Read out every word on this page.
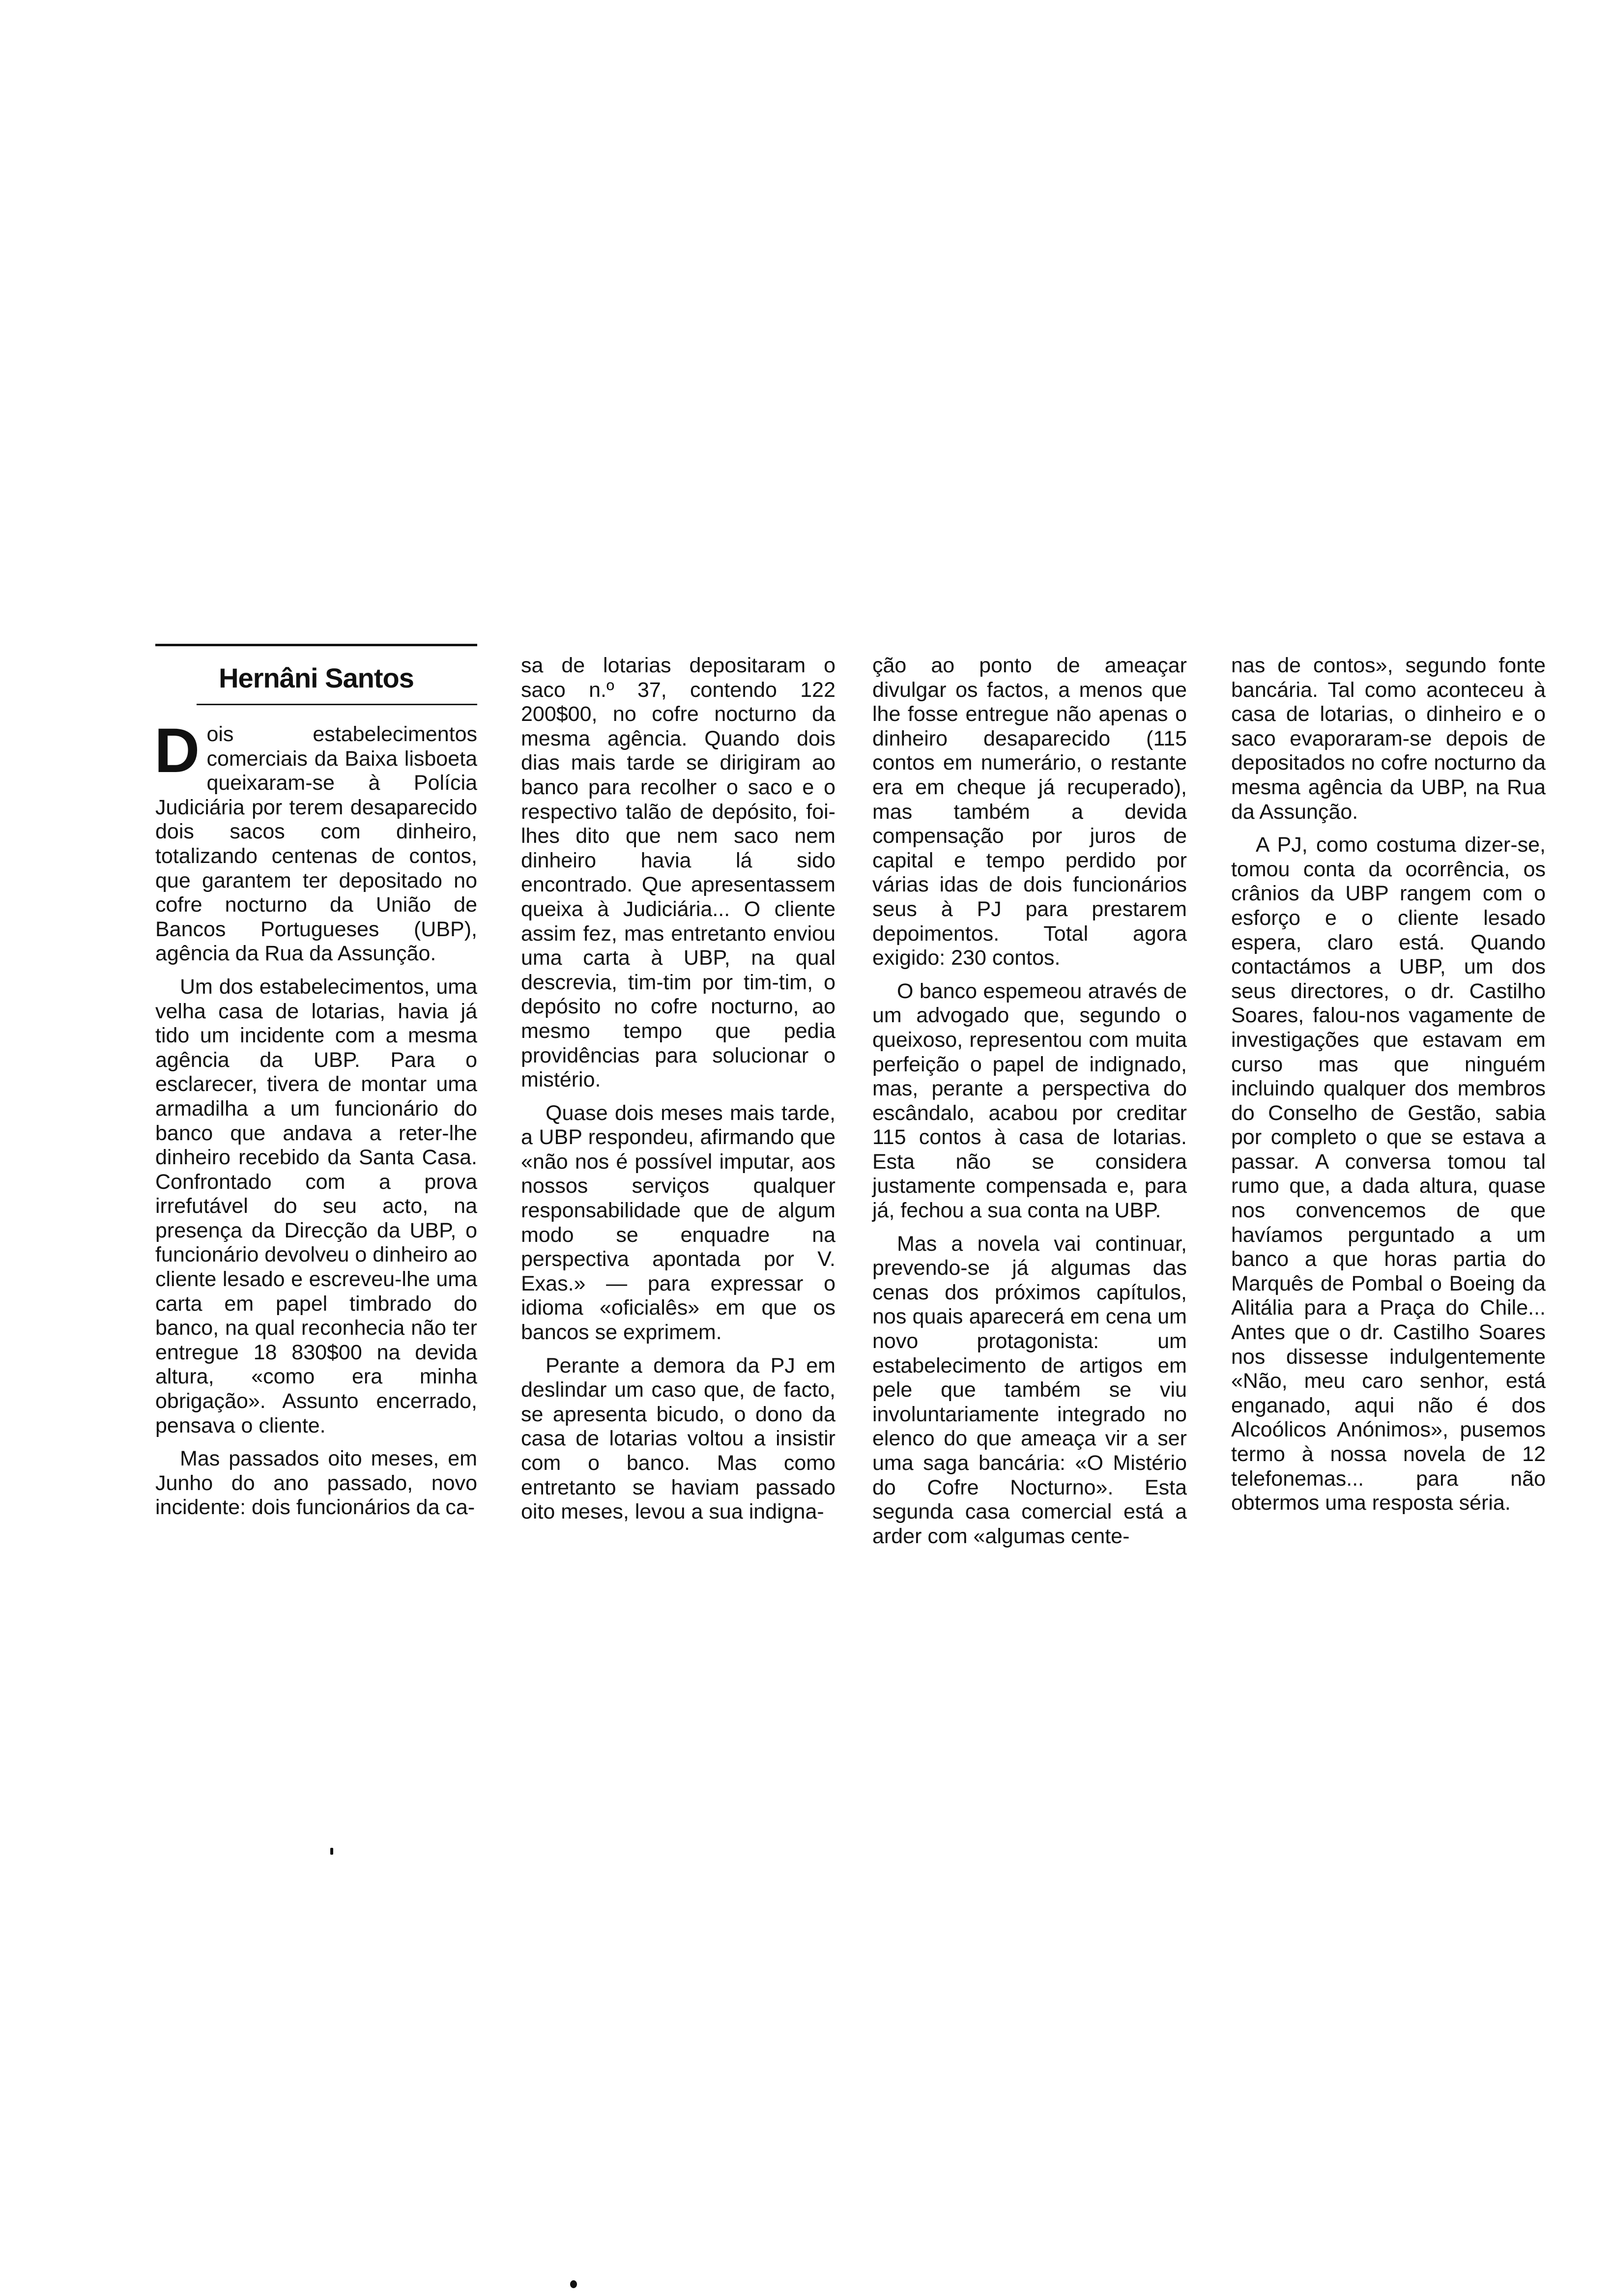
Hernâni Santos

Dois estabelecimentos comerciais da Baixa lisboeta queixaram-se à Polícia Judiciária por terem desaparecido dois sacos com dinheiro, totalizando centenas de contos, que garantem ter depositado no cofre nocturno da União de Bancos Portugueses (UBP), agência da Rua da Assunção.

Um dos estabelecimentos, uma velha casa de lotarias, havia já tido um incidente com a mesma agência da UBP. Para o esclarecer, tivera de montar uma armadilha a um funcionário do banco que andava a reter-lhe dinheiro recebido da Santa Casa. Confrontado com a prova irrefutável do seu acto, na presença da Direcção da UBP, o funcionário devolveu o dinheiro ao cliente lesado e escreveu-lhe uma carta em papel timbrado do banco, na qual reconhecia não ter entregue 18 830$00 na devida altura, «como era minha obrigação». Assunto encerrado, pensava o cliente.

Mas passados oito meses, em Junho do ano passado, novo incidente: dois funcionários da ca-

sa de lotarias depositaram o saco n.º 37, contendo 122 200$00, no cofre nocturno da mesma agência. Quando dois dias mais tarde se dirigiram ao banco para recolher o saco e o respectivo talão de depósito, foi-lhes dito que nem saco nem dinheiro havia lá sido encontrado. Que apresentassem queixa à Judiciária... O cliente assim fez, mas entretanto enviou uma carta à UBP, na qual descrevia, tim-tim por tim-tim, o depósito no cofre nocturno, ao mesmo tempo que pedia providências para solucionar o mistério.

Quase dois meses mais tarde, a UBP respondeu, afirmando que «não nos é possível imputar, aos nossos serviços qualquer responsabilidade que de algum modo se enquadre na perspectiva apontada por V. Exas.» — para expressar o idioma «oficialês» em que os bancos se exprimem.

Perante a demora da PJ em deslindar um caso que, de facto, se apresenta bicudo, o dono da casa de lotarias voltou a insistir com o banco. Mas como entretanto se haviam passado oito meses, levou a sua indigna-

ção ao ponto de ameaçar divulgar os factos, a menos que lhe fosse entregue não apenas o dinheiro desaparecido (115 contos em numerário, o restante era em cheque já recuperado), mas também a devida compensação por juros de capital e tempo perdido por várias idas de dois funcionários seus à PJ para prestarem depoimentos. Total agora exigido: 230 contos.

O banco espemeou através de um advogado que, segundo o queixoso, representou com muita perfeição o papel de indignado, mas, perante a perspectiva do escândalo, acabou por creditar 115 contos à casa de lotarias. Esta não se considera justamente compensada e, para já, fechou a sua conta na UBP.

Mas a novela vai continuar, prevendo-se já algumas das cenas dos próximos capítulos, nos quais aparecerá em cena um novo protagonista: um estabelecimento de artigos em pele que também se viu involuntariamente integrado no elenco do que ameaça vir a ser uma saga bancária: «O Mistério do Cofre Nocturno». Esta segunda casa comercial está a arder com «algumas cente-

nas de contos», segundo fonte bancária. Tal como aconteceu à casa de lotarias, o dinheiro e o saco evaporaram-se depois de depositados no cofre nocturno da mesma agência da UBP, na Rua da Assunção.

A PJ, como costuma dizer-se, tomou conta da ocorrência, os crânios da UBP rangem com o esforço e o cliente lesado espera, claro está. Quando contactámos a UBP, um dos seus directores, o dr. Castilho Soares, falou-nos vagamente de investigações que estavam em curso mas que ninguém incluindo qualquer dos membros do Conselho de Gestão, sabia por completo o que se estava a passar. A conversa tomou tal rumo que, a dada altura, quase nos convencemos de que havíamos perguntado a um banco a que horas partia do Marquês de Pombal o Boeing da Alitália para a Praça do Chile... Antes que o dr. Castilho Soares nos dissesse indulgentemente «Não, meu caro senhor, está enganado, aqui não é dos Alcoólicos Anónimos», pusemos termo à nossa novela de 12 telefonemas... para não obtermos uma resposta séria.
